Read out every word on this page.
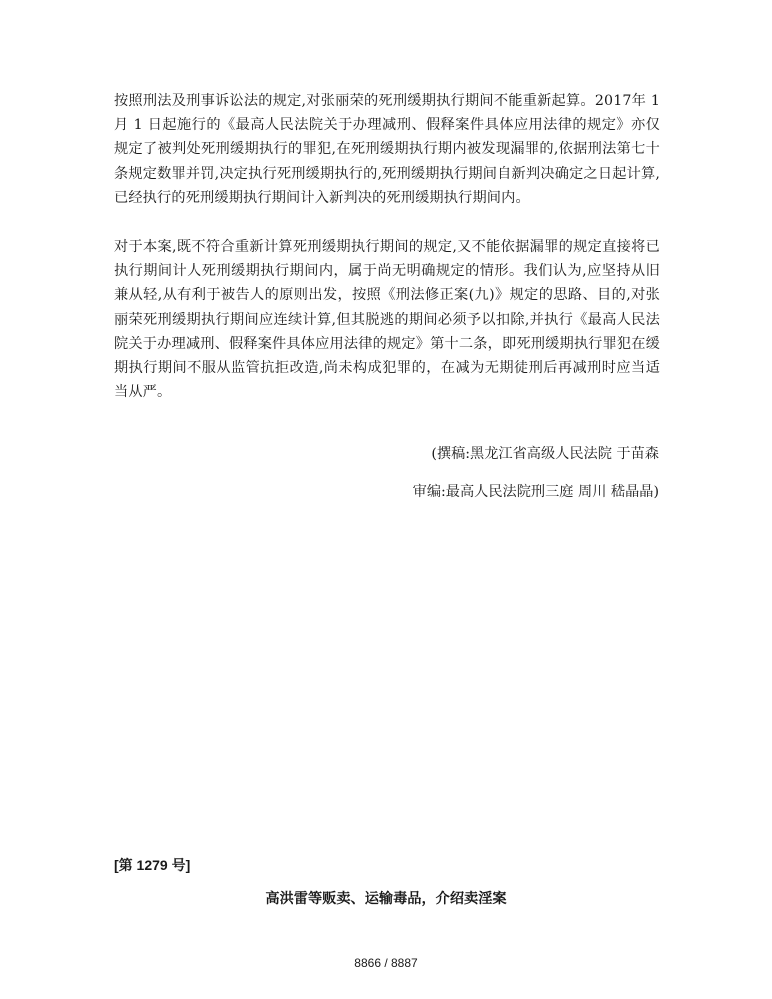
按照刑法及刑事诉讼法的规定,对张丽荣的死刑缓期执行期间不能重新起算。2017年 1 月 1 日起施行的《最高人民法院关于办理减刑、假释案件具体应用法律的规定》亦仅规定了被判处死刑缓期执行的罪犯,在死刑缓期执行期内被发现漏罪的,依据刑法第七十条规定数罪并罚,决定执行死刑缓期执行的,死刑缓期执行期间自新判决确定之日起计算,已经执行的死刑缓期执行期间计入新判决的死刑缓期执行期间内。

对于本案,既不符合重新计算死刑缓期执行期间的规定,又不能依据漏罪的规定直接将已执行期间计人死刑缓期执行期间内，属于尚无明确规定的情形。我们认为,应坚持从旧兼从轻,从有利于被告人的原则出发，按照《刑法修正案(九)》规定的思路、目的,对张丽荣死刑缓期执行期间应连续计算,但其脱逃的期间必须予以扣除,并执行《最高人民法院关于办理减刑、假释案件具体应用法律的规定》第十二条，即死刑缓期执行罪犯在缓期执行期间不服从监管抗拒改造,尚未构成犯罪的，在减为无期徒刑后再减刑时应当适当从严。

(撰稿:黑龙江省高级人民法院 于苗森

审编:最高人民法院刑三庭 周川 嵇晶晶)

[第 1279 号]

高洪雷等贩卖、运输毒品，介绍卖淫案

8866 / 8887
